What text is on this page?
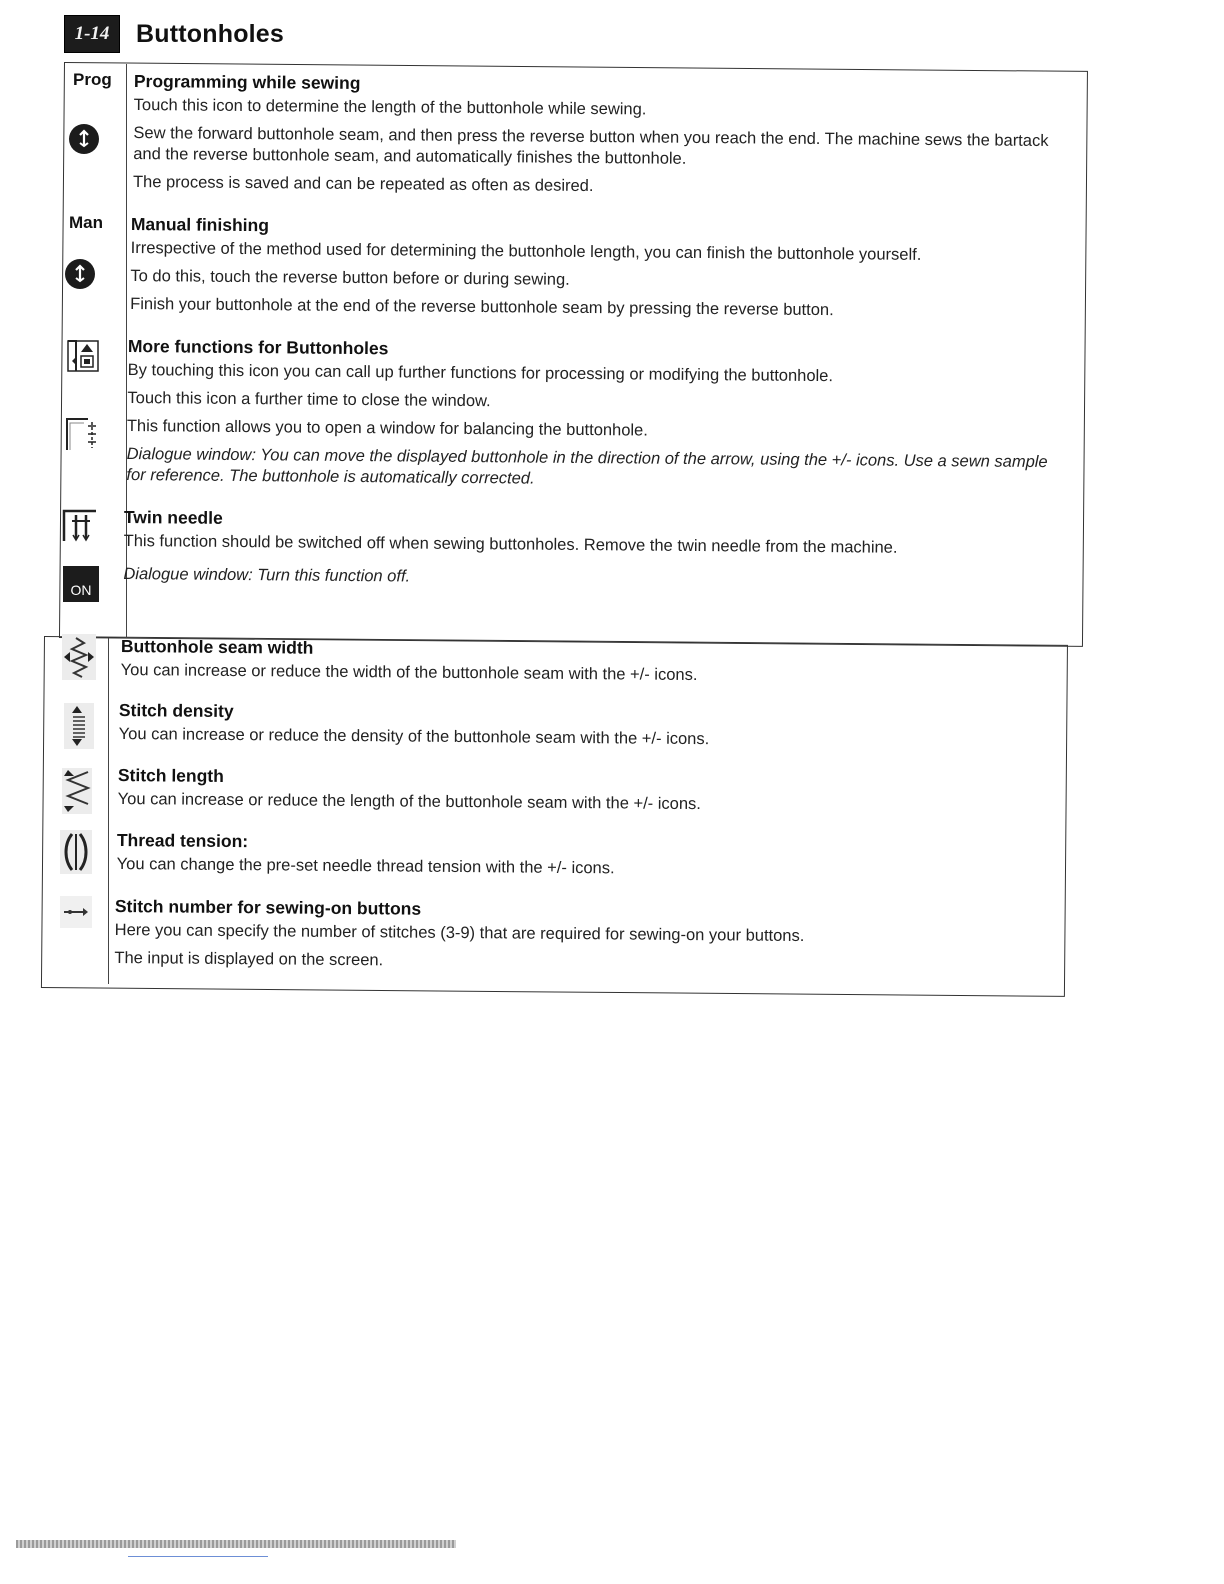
1-14	Buttonholes
Prog
Man
ON
Programming while sewing
Touch this icon to determine the length of the buttonhole while sewing.
Sew the forward buttonhole seam, and then press the reverse button when you reach the end. The machine sews the bartack and the reverse buttonhole seam, and automatically finishes the buttonhole.
The process is saved and can be repeated as often as desired.
Manual finishing
Irrespective of the method used for determining the buttonhole length, you can finish the buttonhole yourself.
To do this, touch the reverse button before or during sewing.
Finish your buttonhole at the end of the reverse buttonhole seam by pressing the reverse button.
More functions for Buttonholes
By touching this icon you can call up further functions for processing or modifying the buttonhole.
Touch this icon a further time to close the window.
This function allows you to open a window for balancing the buttonhole.
Dialogue window: You can move the displayed buttonhole in the direction of the arrow, using the +/- icons. Use a sewn sample for reference. The buttonhole is automatically corrected.
Twin needle
This function should be switched off when sewing buttonholes. Remove the twin needle from the machine.
Dialogue window: Turn this function off.
Buttonhole seam width
You can increase or reduce the width of the buttonhole seam with the +/- icons.
Stitch density
You can increase or reduce the density of the buttonhole seam with the +/- icons.
Stitch length
You can increase or reduce the length of the buttonhole seam with the +/- icons.
Thread tension:
You can change the pre-set needle thread tension with the +/- icons.
Stitch number for sewing-on buttons
Here you can specify the number of stitches (3-9) that are required for sewing-on your buttons.
The input is displayed on the screen.
